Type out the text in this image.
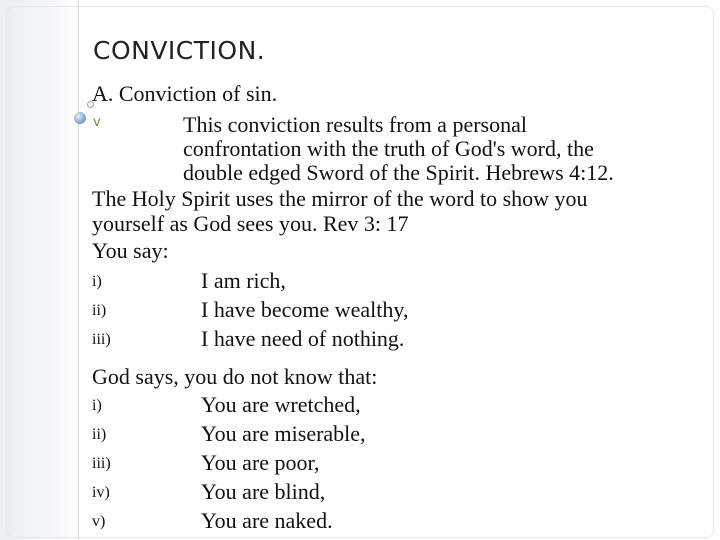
CONVICTION.
A. Conviction of sin.
v	This conviction results from a personal
confrontation with the truth of God's word, the
double edged Sword of the Spirit. Hebrews 4:12.
The Holy Spirit uses the mirror of the word to show you
yourself as God sees you. Rev 3: 17
You say:
i)	I am rich,
ii)	I have become wealthy,
iii)	I have need of nothing.
God says, you do not know that:
i)	You are wretched,
ii)	You are miserable,
iii)	You are poor,
iv)	You are blind,
v)	You are naked.
